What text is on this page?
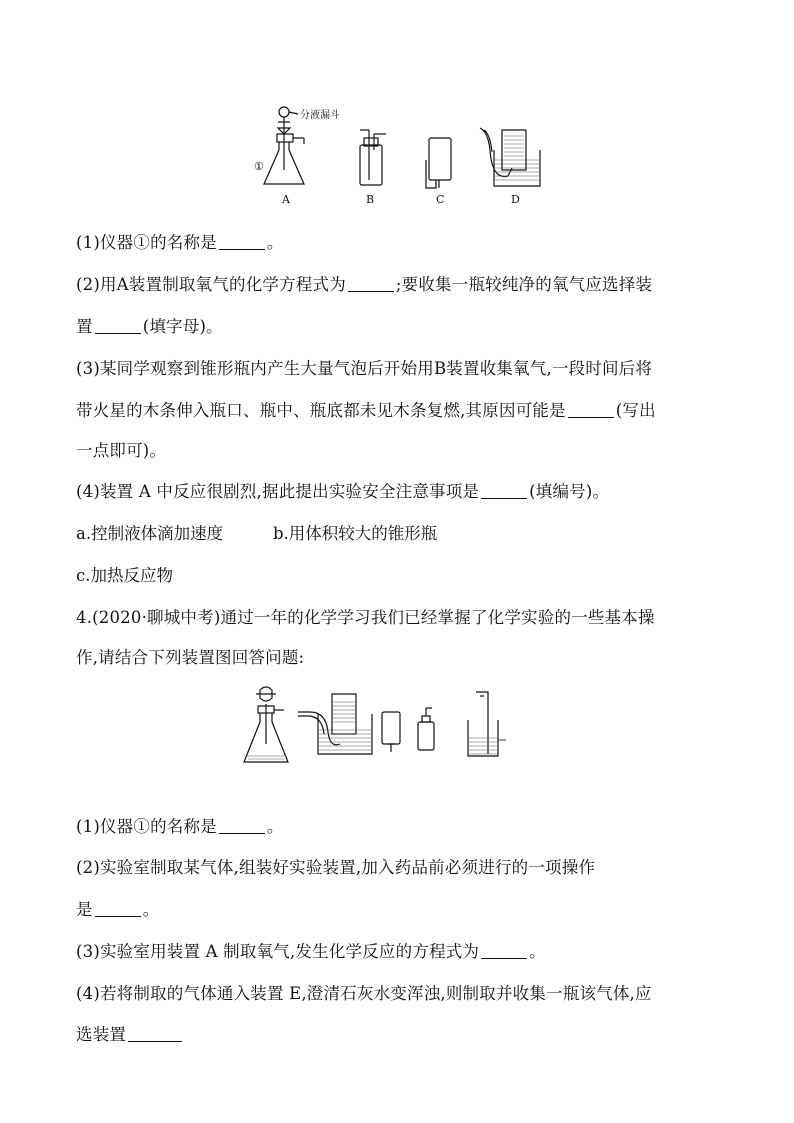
分液漏斗
①
A	B	C	D
(1)仪器①的名称是	。
(2)用A装置制取氧气的化学方程式为	;要收集一瓶较纯净的氧气应选择装
置	(填字母)。
(3)某同学观察到锥形瓶内产生大量气泡后开始用B装置收集氧气,一段时间后将
带火星的木条伸入瓶口、瓶中、瓶底都未见木条复燃,其原因可能是	(写出
一点即可)。
(4)装置 A 中反应很剧烈,据此提出实验安全注意事项是	(填编号)。
a.控制液体滴加速度	b.用体积较大的锥形瓶
c.加热反应物
4.(2020·聊城中考)通过一年的化学学习我们已经掌握了化学实验的一些基本操
作,请结合下列装置图回答问题:
(1)仪器①的名称是	。
(2)实验室制取某气体,组装好实验装置,加入药品前必须进行的一项操作
是	。
(3)实验室用装置 A 制取氧气,发生化学反应的方程式为	。
(4)若将制取的气体通入装置 E,澄清石灰水变浑浊,则制取并收集一瓶该气体,应
选装置
